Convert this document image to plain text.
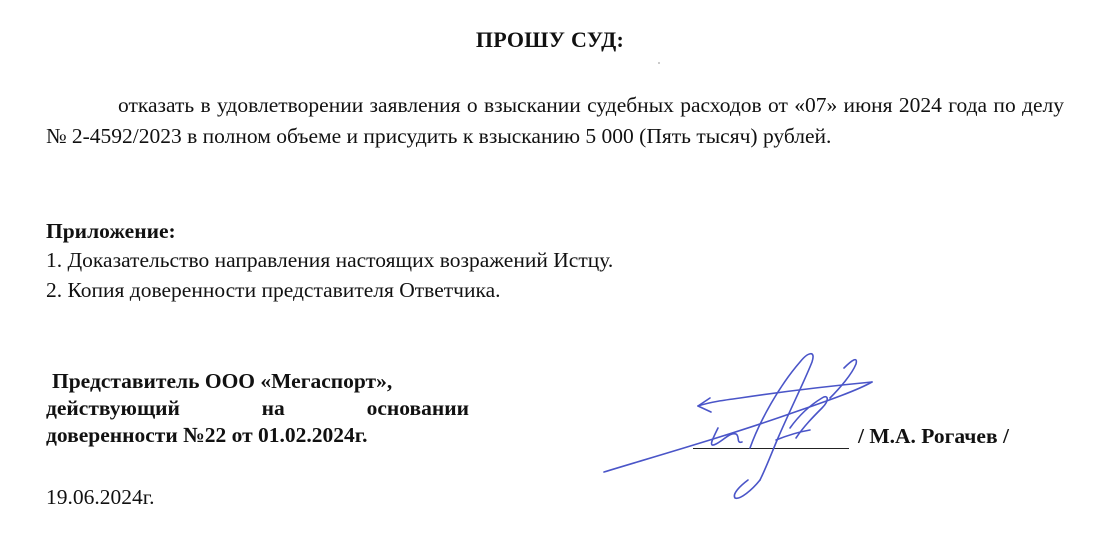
ПРОШУ СУД:
отказать в удовлетворении заявления о взыскании судебных расходов от «07» июня 2024 года по делу № 2-4592/2023 в полном объеме и присудить к взысканию 5 000 (Пять тысяч) рублей.
Приложение:
1. Доказательство направления настоящих возражений Истцу.
2. Копия доверенности представителя Ответчика.
Представитель ООО «Мегаспорт»,
действующий	на	основании
доверенности №22 от 01.02.2024г.	/ М.А. Рогачев /
19.06.2024г.
